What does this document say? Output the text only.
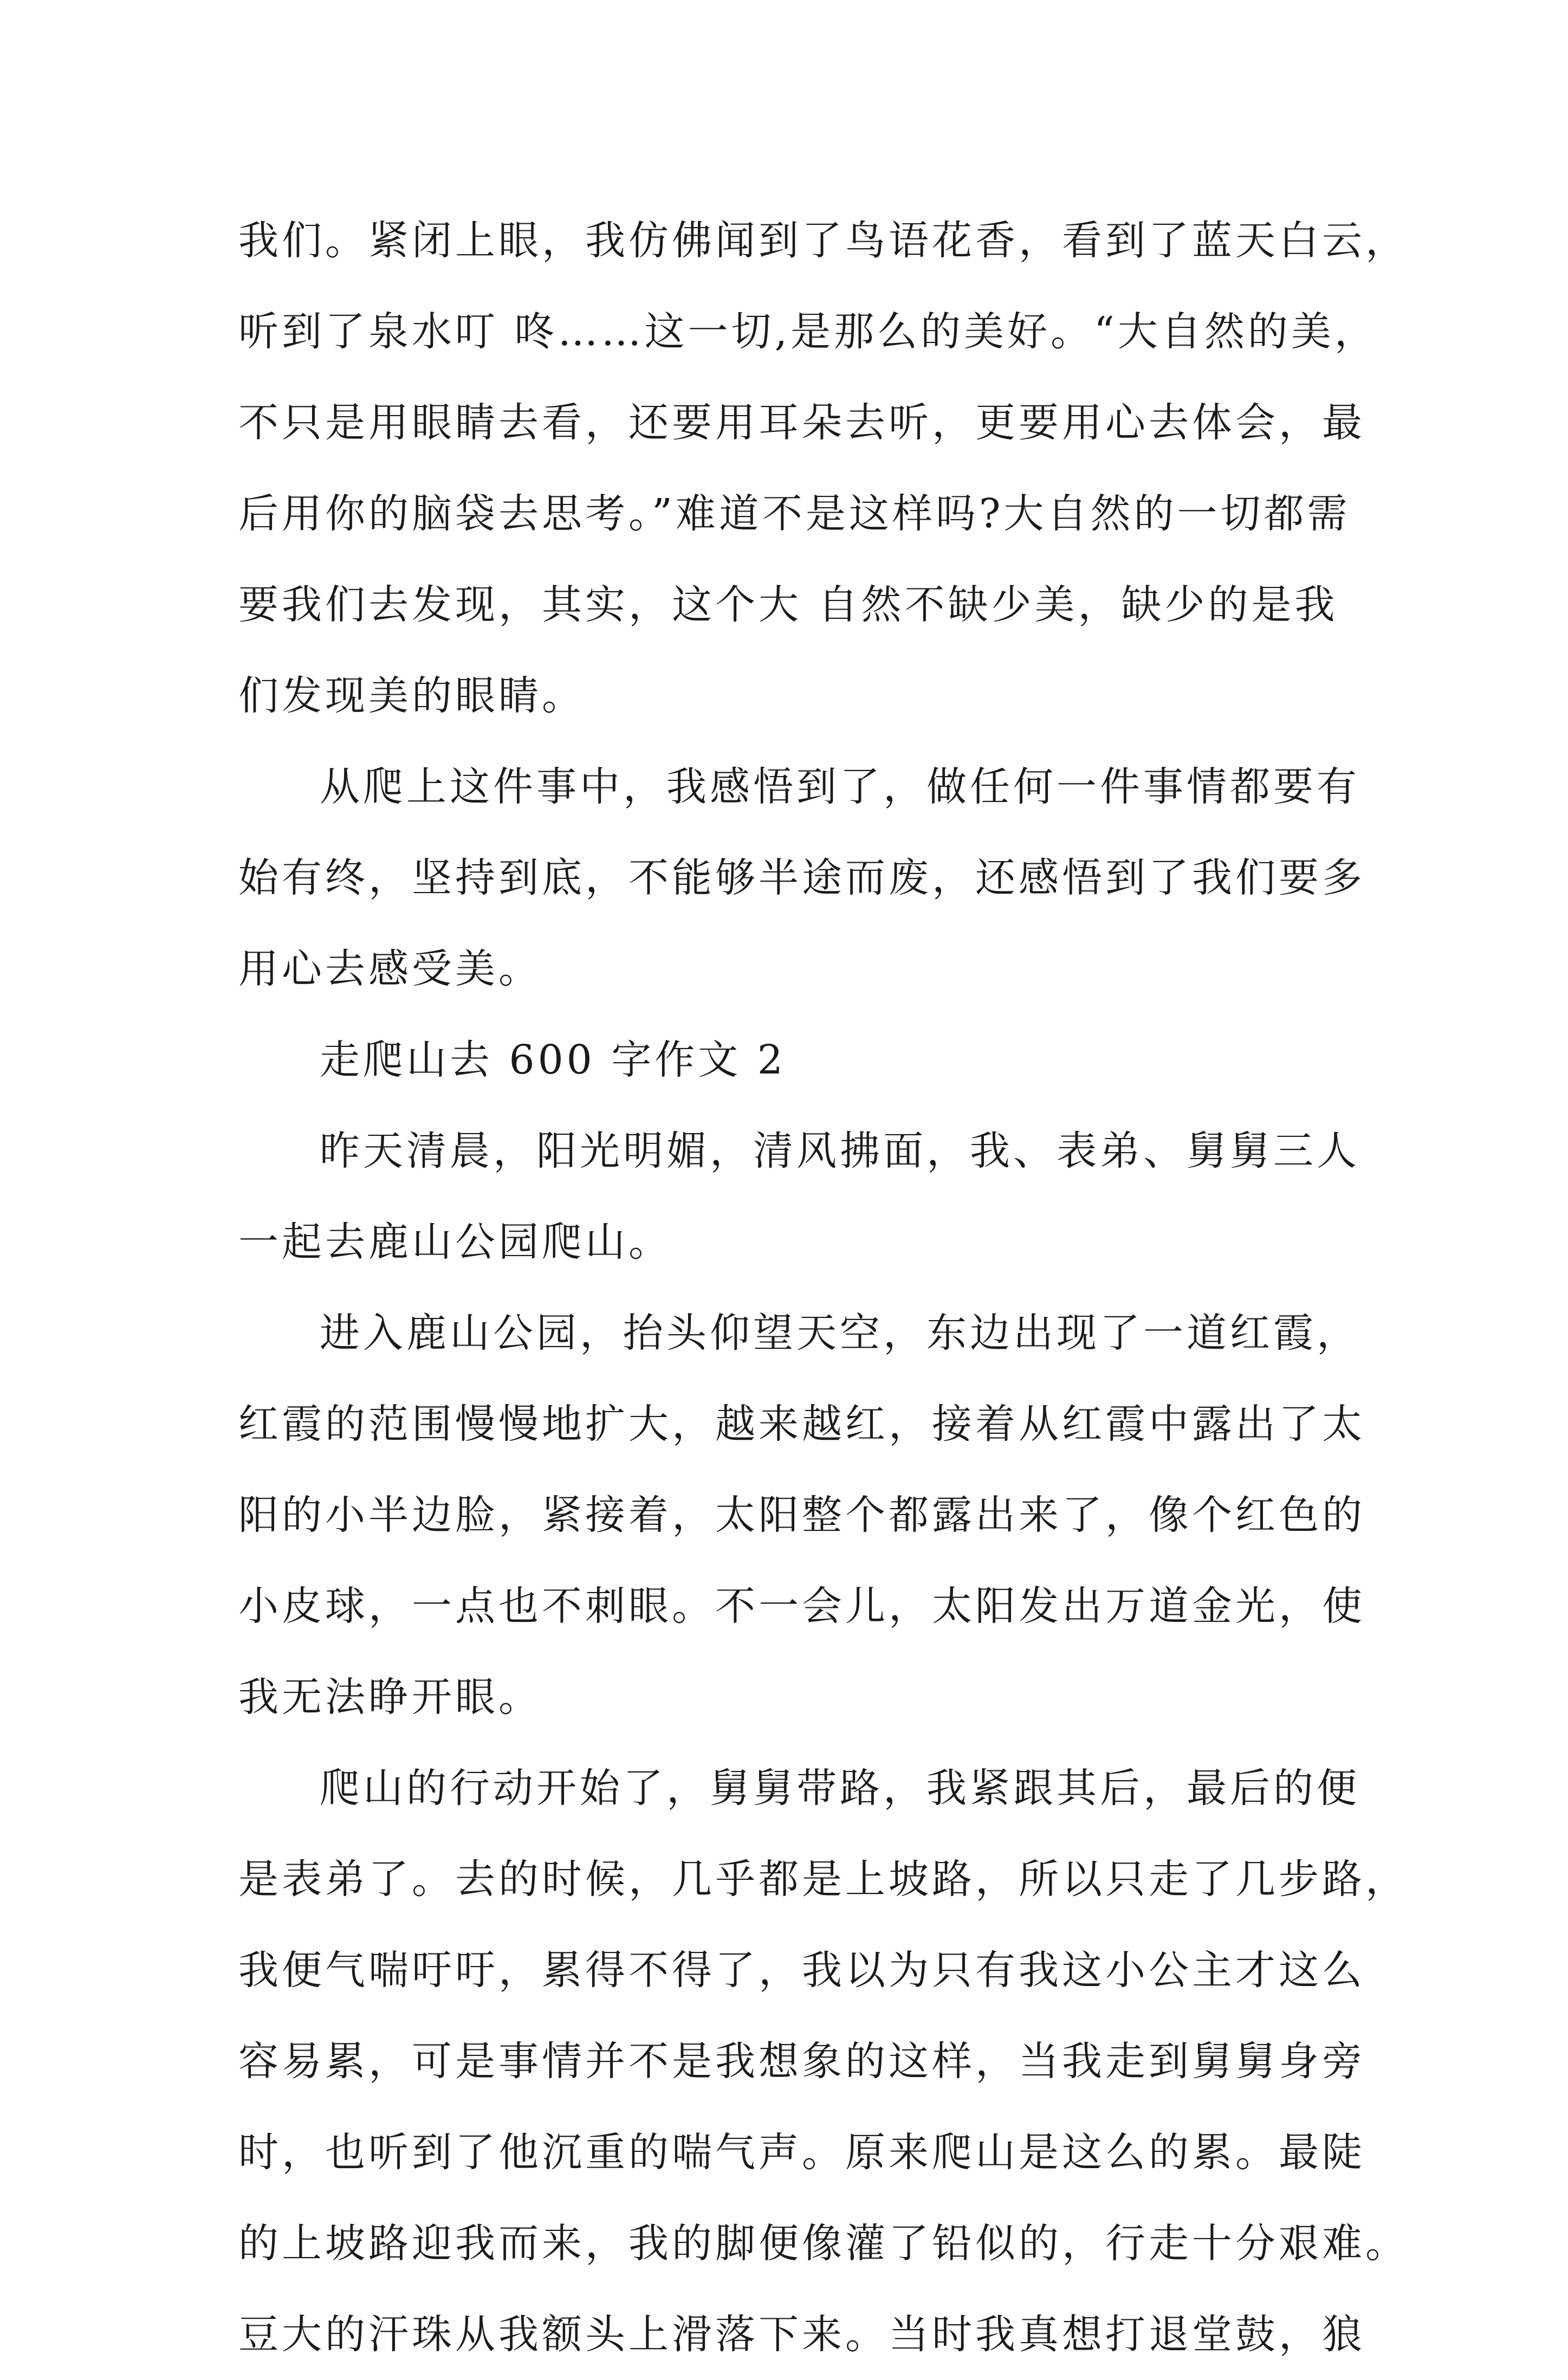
我们。紧闭上眼，我仿佛闻到了鸟语花香，看到了蓝天白云，
听到了泉水叮 咚……这一切,是那么的美好。“大自然的美，
不只是用眼睛去看，还要用耳朵去听，更要用心去体会，最
后用你的脑袋去思考。”难道不是这样吗?大自然的一切都需
要我们去发现，其实，这个大 自然不缺少美，缺少的是我
们发现美的眼睛。
从爬上这件事中，我感悟到了，做任何一件事情都要有
始有终，坚持到底，不能够半途而废，还感悟到了我们要多
用心去感受美。
走爬山去 600 字作文 2
昨天清晨，阳光明媚，清风拂面，我、表弟、舅舅三人
一起去鹿山公园爬山。
进入鹿山公园，抬头仰望天空，东边出现了一道红霞，
红霞的范围慢慢地扩大，越来越红，接着从红霞中露出了太
阳的小半边脸，紧接着，太阳整个都露出来了，像个红色的
小皮球，一点也不刺眼。不一会儿，太阳发出万道金光，使
我无法睁开眼。
爬山的行动开始了，舅舅带路，我紧跟其后，最后的便
是表弟了。去的时候，几乎都是上坡路，所以只走了几步路，
我便气喘吁吁，累得不得了，我以为只有我这小公主才这么
容易累，可是事情并不是我想象的这样，当我走到舅舅身旁
时，也听到了他沉重的喘气声。原来爬山是这么的累。最陡
的上坡路迎我而来，我的脚便像灌了铅似的，行走十分艰难。
豆大的汗珠从我额头上滑落下来。当时我真想打退堂鼓，狼
